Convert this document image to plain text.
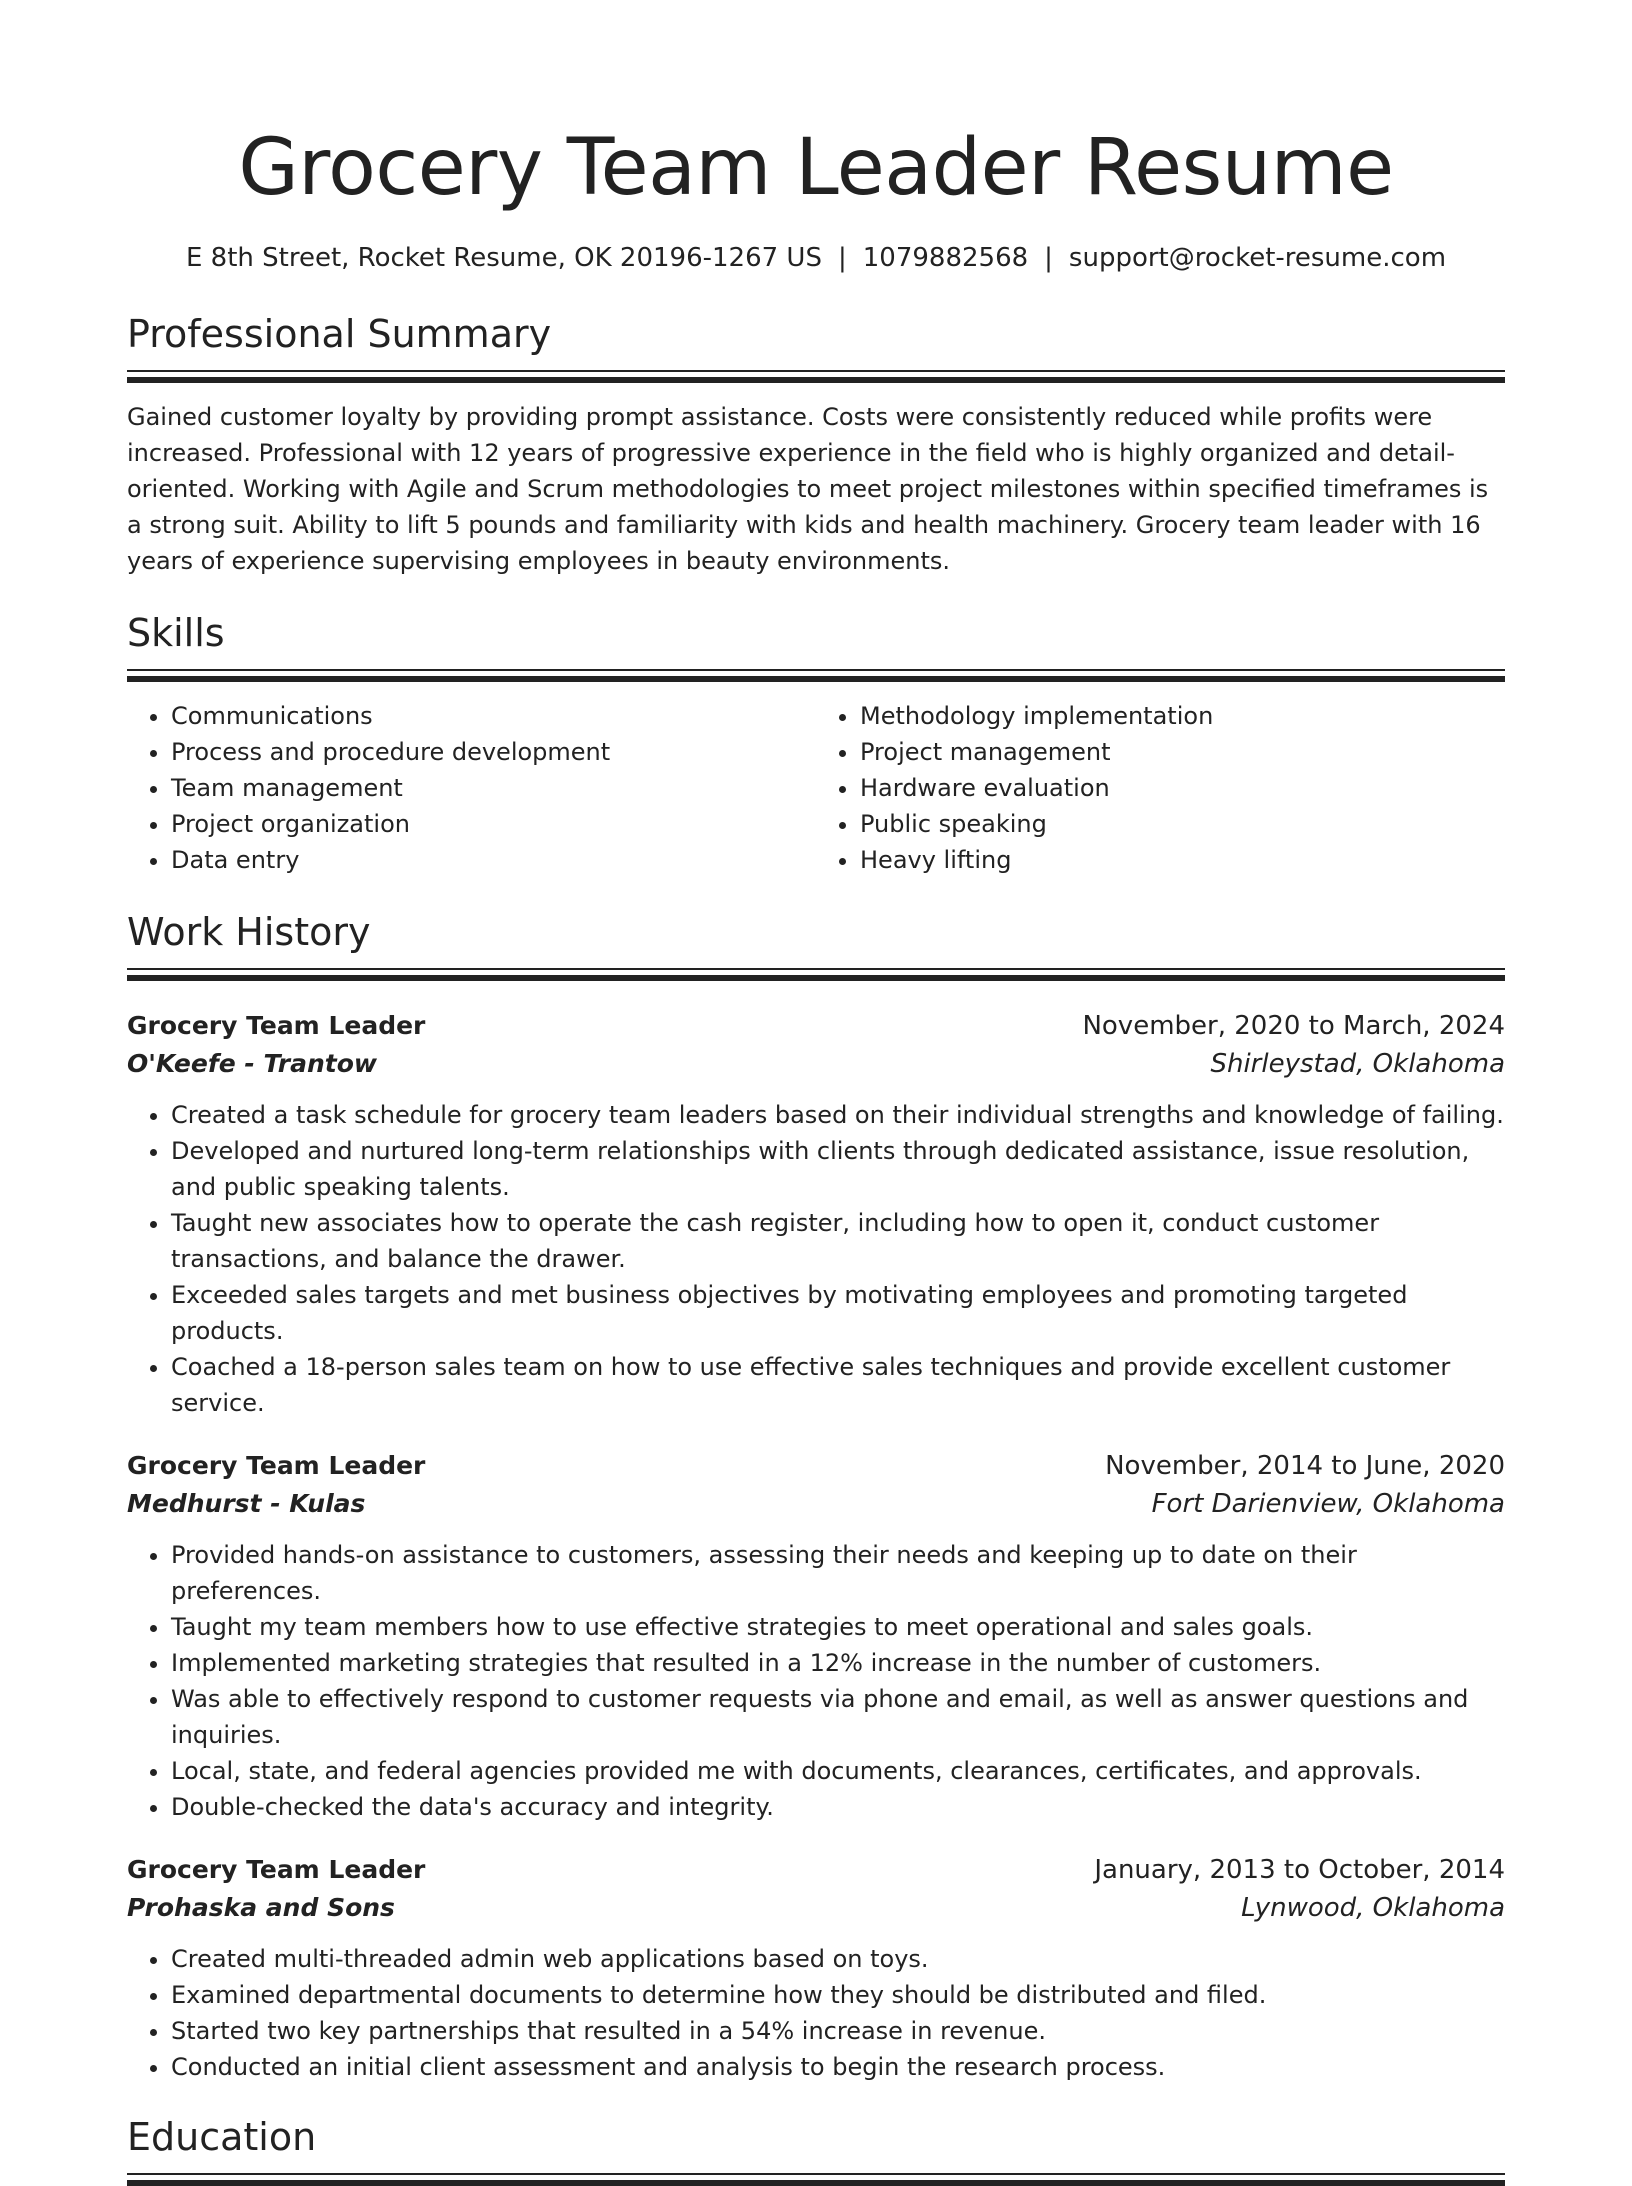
Grocery Team Leader Resume
E 8th Street, Rocket Resume, OK 20196-1267 US | 1079882568 | support@rocket-resume.com
Professional Summary
Gained customer loyalty by providing prompt assistance. Costs were consistently reduced while profits were increased. Professional with 12 years of progressive experience in the field who is highly organized and detail-oriented. Working with Agile and Scrum methodologies to meet project milestones within specified timeframes is a strong suit. Ability to lift 5 pounds and familiarity with kids and health machinery. Grocery team leader with 16 years of experience supervising employees in beauty environments.
Skills
• Communications
• Process and procedure development
• Team management
• Project organization
• Data entry
• Methodology implementation
• Project management
• Hardware evaluation
• Public speaking
• Heavy lifting
Work History
Grocery Team Leader	November, 2020 to March, 2024
O'Keefe - Trantow	Shirleystad, Oklahoma
• Created a task schedule for grocery team leaders based on their individual strengths and knowledge of failing.
• Developed and nurtured long-term relationships with clients through dedicated assistance, issue resolution, and public speaking talents.
• Taught new associates how to operate the cash register, including how to open it, conduct customer transactions, and balance the drawer.
• Exceeded sales targets and met business objectives by motivating employees and promoting targeted products.
• Coached a 18-person sales team on how to use effective sales techniques and provide excellent customer service.
Grocery Team Leader	November, 2014 to June, 2020
Medhurst - Kulas	Fort Darienview, Oklahoma
• Provided hands-on assistance to customers, assessing their needs and keeping up to date on their preferences.
• Taught my team members how to use effective strategies to meet operational and sales goals.
• Implemented marketing strategies that resulted in a 12% increase in the number of customers.
• Was able to effectively respond to customer requests via phone and email, as well as answer questions and inquiries.
• Local, state, and federal agencies provided me with documents, clearances, certificates, and approvals.
• Double-checked the data's accuracy and integrity.
Grocery Team Leader	January, 2013 to October, 2014
Prohaska and Sons	Lynwood, Oklahoma
• Created multi-threaded admin web applications based on toys.
• Examined departmental documents to determine how they should be distributed and filed.
• Started two key partnerships that resulted in a 54% increase in revenue.
• Conducted an initial client assessment and analysis to begin the research process.
Education
